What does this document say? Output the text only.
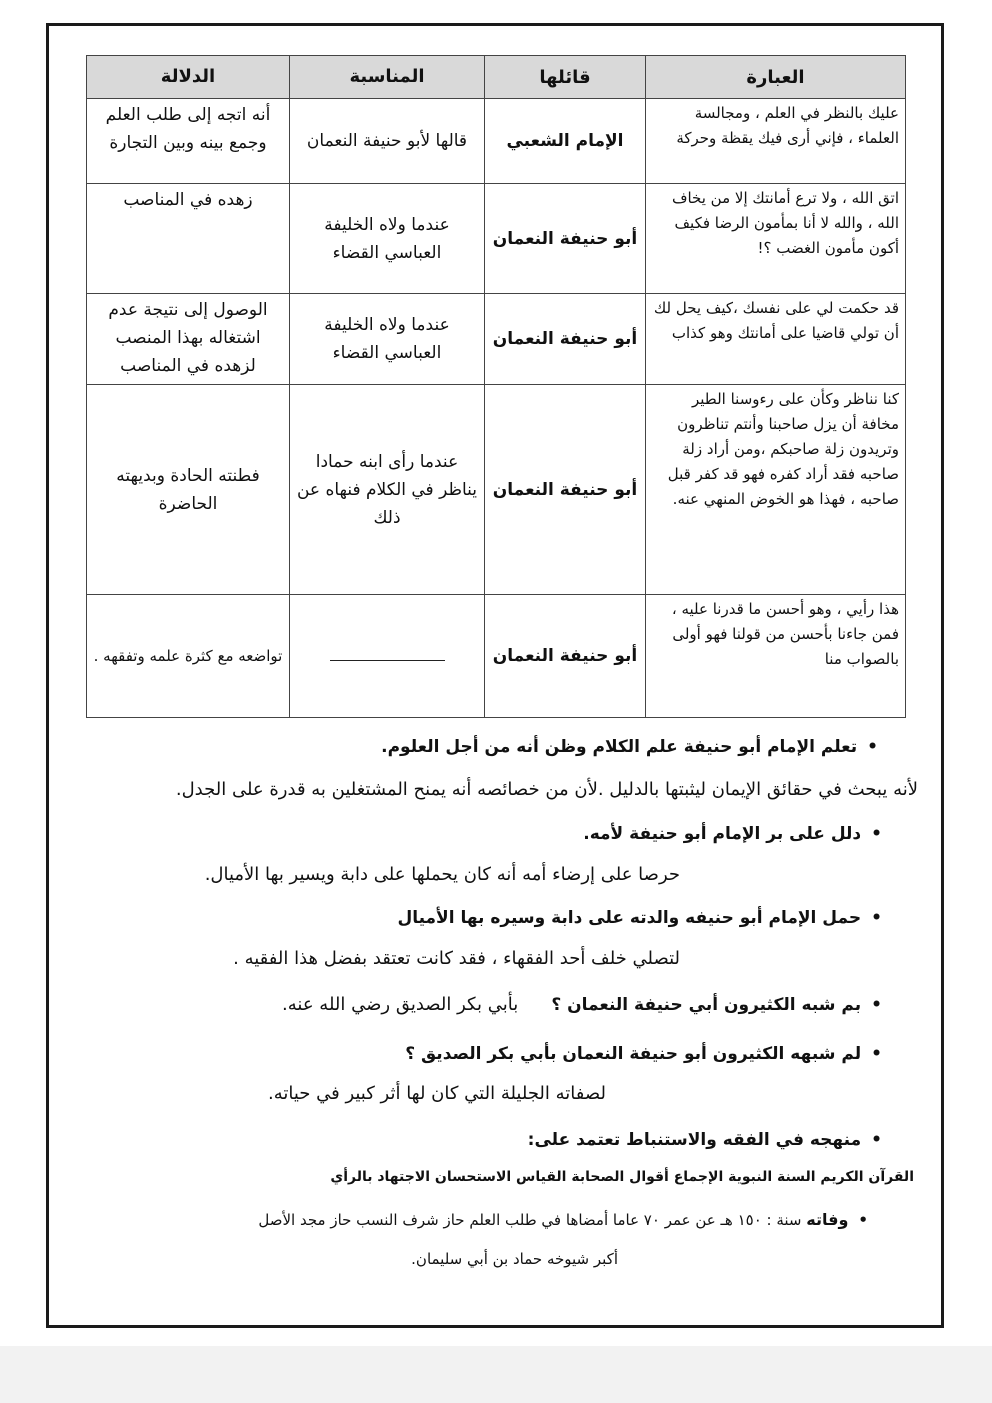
العبارة	قائلها	المناسبة	الدلالة
عليك بالنظر في العلم ، ومجالسة العلماء ، فإني أرى فيك يقظة وحركة	الإمام الشعبي	قالها لأبو حنيفة النعمان	أنه اتجه إلى طلب العلم وجمع بينه وبين التجارة
اتق الله ، ولا ترع أمانتك إلا من يخاف الله ، والله لا أنا بمأمون الرضا فكيف أكون مأمون الغضب ؟!	أبو حنيفة النعمان	عندما ولاه الخليفة العباسي القضاء	زهده في المناصب
قد حكمت لي على نفسك ،كيف يحل لك أن تولي قاضيا على أمانتك وهو كذاب	أبو حنيفة النعمان	عندما ولاه الخليفة العباسي القضاء	الوصول إلى نتيجة عدم اشتغاله بهذا المنصب لزهده في المناصب
كنا نناظر وكأن على رءوسنا الطير مخافة أن يزل صاحبنا وأنتم تناظرون وتريدون زلة صاحبكم ،ومن أراد زلة صاحبه فقد أراد كفره فهو قد كفر قبل صاحبه ، فهذا هو الخوض المنهي عنه.	أبو حنيفة النعمان	عندما رأى ابنه حمادا يناظر في الكلام فنهاه عن ذلك	فطنته الحادة وبديهته الحاضرة
هذا رأيي ، وهو أحسن ما قدرنا عليه ، فمن جاءنا بأحسن من قولنا فهو أولى بالصواب منا	أبو حنيفة النعمان		تواضعه مع كثرة علمه وتفقهه .
•تعلم الإمام أبو حنيفة علم الكلام وظن أنه من أجل العلوم.
لأنه يبحث في حقائق الإيمان ليثبتها بالدليل .لأن من خصائصه أنه يمنح المشتغلين به قدرة على الجدل.
•دلل على بر الإمام أبو حنيفة لأمه.
حرصا على إرضاء أمه أنه كان يحملها على دابة ويسير بها الأميال.
•حمل الإمام أبو حنيفه والدته على دابة وسيره بها الأميال
لتصلي خلف أحد الفقهاء ، فقد كانت تعتقد بفضل هذا الفقيه .
•بم شبه الكثيرون أبي حنيفة النعمان ؟ بأبي بكر الصديق رضي الله عنه.
•لم شبهه الكثيرون أبو حنيفة النعمان بأبي بكر الصديق ؟
لصفاته الجليلة التي كان لها أثر كبير في حياته.
•منهجه في الفقه والاستنباط تعتمد على:
القرآن الكريم السنة النبوية الإجماع أقوال الصحابة القياس الاستحسان الاجتهاد بالرأي
•وفاته سنة : ١٥٠ هـ عن عمر ٧٠ عاما أمضاها في طلب العلم حاز شرف النسب حاز مجد الأصل
أكبر شيوخه حماد بن أبي سليمان.
